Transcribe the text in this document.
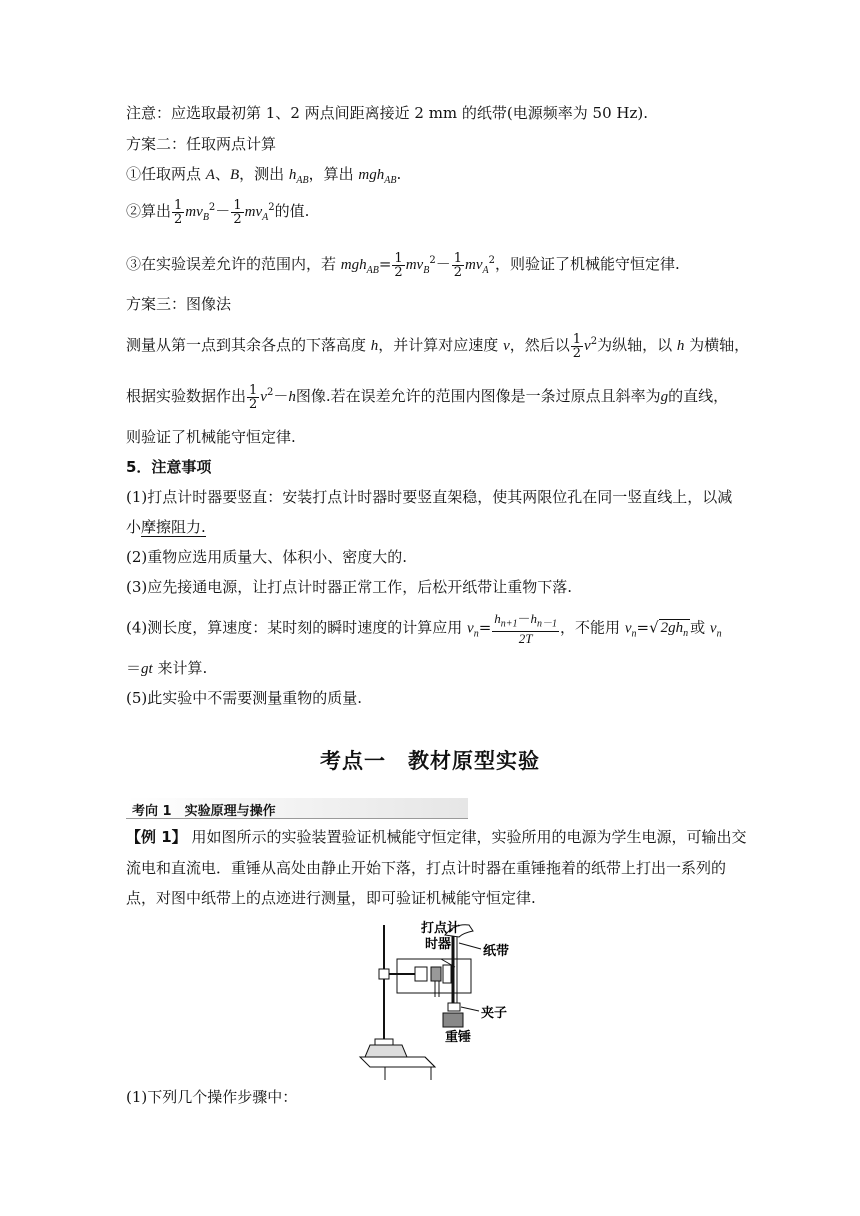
注意：应选取最初第 1、2 两点间距离接近 2 mm 的纸带(电源频率为 50 Hz).
方案二：任取两点计算
①任取两点 A、B，测出 $h_{AB}$，算出 mgh$_{AB}$.
②算出 $\frac{1}{2} mv_B^2- \frac{1}{2} mv_A^2$的值.
③在实验误差允许的范围内，若 $mgh_{AB}= \frac{1}{2} mv_B^2- \frac{1}{2} mv_A^2$，则验证了机械能守恒定律.
方案三：图像法
测量从第一点到其余各点的下落高度 h，并计算对应速度 v，然后以 $\frac{1}{2} v^2$为纵轴，以 h 为横轴，
根据实验数据作出 $\frac{1}{2} v^2-h$图像.若在误差允许的范围内图像是一条过原点且斜率为g的直线，
则验证了机械能守恒定律.
5．注意事项
(1)打点计时器要竖直：安装打点计时器时要竖直架稳，使其两限位孔在同一竖直线上，以减
小摩擦阻力.
(2)重物应选用质量大、体积小、密度大的.
(3)应先接通电源，让打点计时器正常工作，后松开纸带让重物下落.
(4)测长度，算速度：某时刻的瞬时速度的计算应用 $v_n= \frac{h_{n+1}-h_{n-1}}{2T}$ ，不能用 $v_n=√$ $2gh_n$ 或 $v_n$
＝gt 来计算.
(5)此实验中不需要测量重物的质量.
考点一　教材原型实验
考向 1　实验原理与操作
【例 1】 用如图所示的实验装置验证机械能守恒定律，实验所用的电源为学生电源，可输出交
流电和直流电．重锤从高处由静止开始下落，打点计时器在重锤拖着的纸带上打出一系列的
点，对图中纸带上的点迹进行测量，即可验证机械能守恒定律.
打点计
时器 纸带
夹子
重锤
(1)下列几个操作步骤中：
